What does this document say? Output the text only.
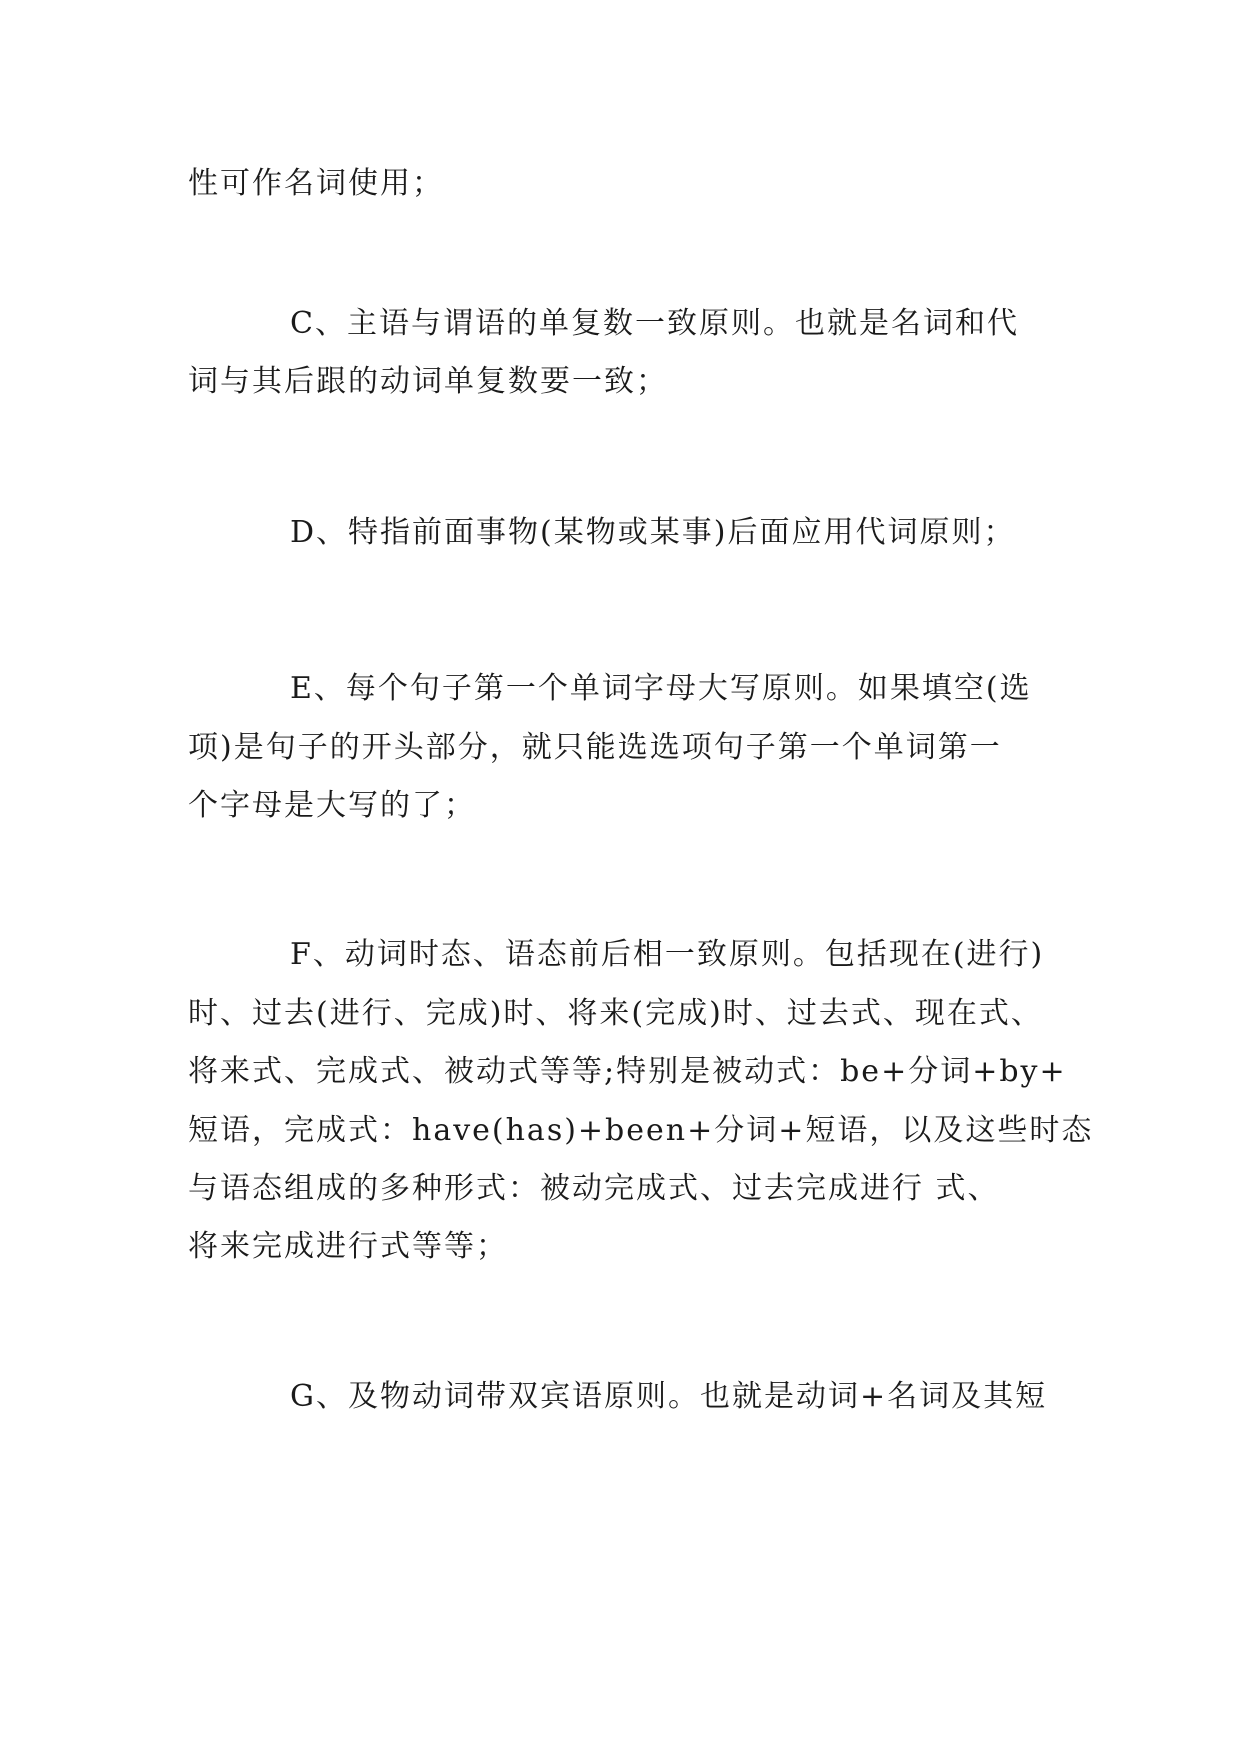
性可作名词使用；
C、主语与谓语的单复数一致原则。也就是名词和代
词与其后跟的动词单复数要一致；
D、特指前面事物(某物或某事)后面应用代词原则；
E、每个句子第一个单词字母大写原则。如果填空(选
项)是句子的开头部分，就只能选选项句子第一个单词第一
个字母是大写的了；
F、动词时态、语态前后相一致原则。包括现在(进行)
时、过去(进行、完成)时、将来(完成)时、过去式、现在式、
将来式、完成式、被动式等等;特别是被动式：be+分词+by+
短语，完成式：have(has)+been+分词+短语，以及这些时态
与语态组成的多种形式：被动完成式、过去完成进行 式、
将来完成进行式等等；
G、及物动词带双宾语原则。也就是动词+名词及其短
